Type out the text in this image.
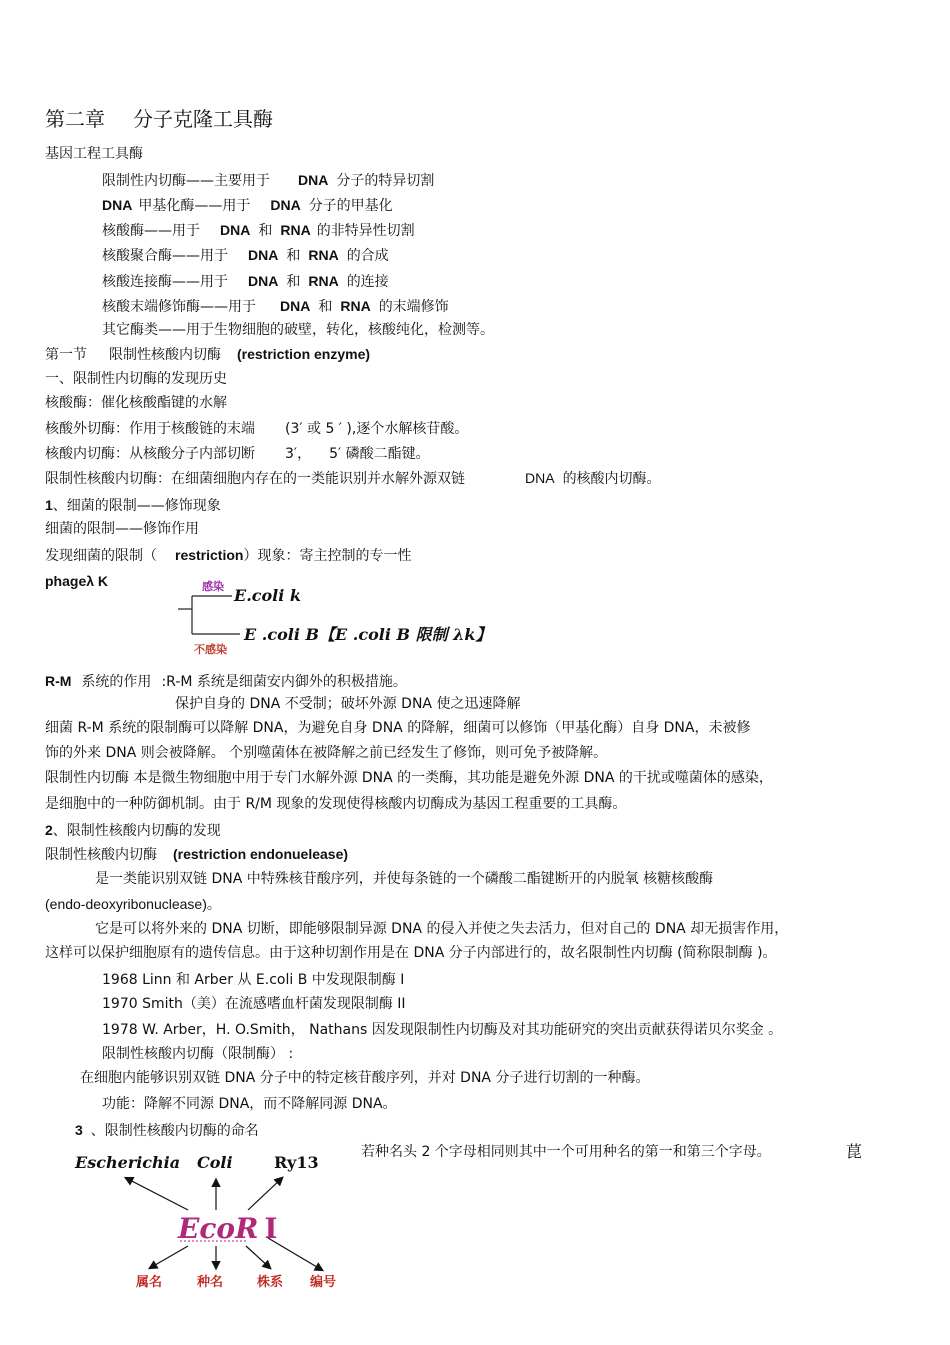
第二章 分子克隆工具酶
基因工程工具酶
限制性内切酶——主要用于 DNA 分子的特异切割
DNA 甲基化酶——用于 DNA 分子的甲基化
核酸酶——用于 DNA 和 RNA 的非特异性切割
核酸聚合酶——用于 DNA 和 RNA 的合成
核酸连接酶——用于 DNA 和 RNA 的连接
核酸末端修饰酶——用于 DNA 和 RNA 的末端修饰
其它酶类——用于生物细胞的破壁，转化，核酸纯化，检测等。
第一节 限制性核酸内切酶 (restriction enzyme)
一、限制性内切酶的发现历史
核酸酶：催化核酸酯键的水解
核酸外切酶：作用于核酸链的末端 (3′ 或 5 ′ ),逐个水解核苷酸。
核酸内切酶：从核酸分子内部切断 3′， 5′ 磷酸二酯键。
限制性核酸内切酶：在细菌细胞内存在的一类能识别并水解外源双链	DNA 的核酸内切酶。
1、细菌的限制——修饰现象
细菌的限制——修饰作用
发现细菌的限制（ restriction）现象：寄主控制的专一性
phageλ K	感染 E.coli k
不感染
E .coli B【E .coli B 限制 λk】
R-M 系统的作用 :R-M 系统是细菌安内御外的积极措施。
保护自身的 DNA 不受制；破坏外源 DNA 使之迅速降解
细菌 R-M 系统的限制酶可以降解 DNA，为避免自身 DNA 的降解，细菌可以修饰（甲基化酶）自身 DNA，未被修
饰的外来 DNA 则会被降解。 个别噬菌体在被降解之前已经发生了修饰，则可免予被降解。
限制性内切酶 本是微生物细胞中用于专门水解外源 DNA 的一类酶，其功能是避免外源 DNA 的干扰或噬菌体的感染，
是细胞中的一种防御机制。由于 R/M 现象的发现使得核酸内切酶成为基因工程重要的工具酶。
2、限制性核酸内切酶的发现
限制性核酸内切酶 (restriction endonuelease)
是一类能识别双链 DNA 中特殊核苷酸序列，并使每条链的一个磷酸二酯键断开的内脱氧 核糖核酸酶
(endo-deoxyribonuclease)。
它是可以将外来的 DNA 切断，即能够限制异源 DNA 的侵入并使之失去活力，但对自己的 DNA 却无损害作用，
这样可以保护细胞原有的遗传信息。由于这种切割作用是在 DNA 分子内部进行的，故名限制性内切酶 (简称限制酶 )。
1968 Linn 和 Arber 从 E.coli B 中发现限制酶 I
1970 Smith（美）在流感嗜血杆菌发现限制酶 II
1978 W. Arber，H. O.Smith， Nathans 因发现限制性内切酶及对其功能研究的突出贡献获得诺贝尔奖金 。
限制性核酸内切酶（限制酶） :
在细胞内能够识别双链 DNA 分子中的特定核苷酸序列，并对 DNA 分子进行切割的一种酶。
功能：降解不同源 DNA，而不降解同源 DNA。
3 、限制性核酸内切酶的命名
若种名头 2 个字母相同则其中一个可用种名的第一和第三个字母。	菎
Escherichia Coli	Ry13
EcoR I
属名	种名	株系 编号
